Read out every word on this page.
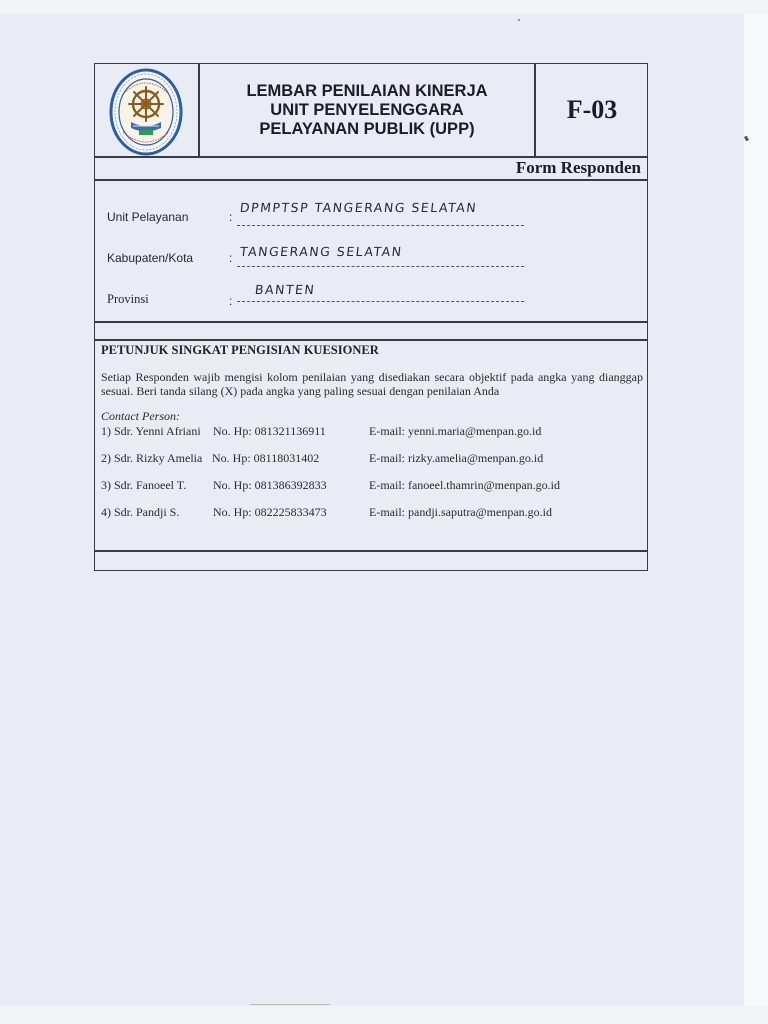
LEMBAR PENILAIAN KINERJA
UNIT PENYELENGGARA
PELAYANAN PUBLIK (UPP)
F-03
Form Responden
Unit Pelayanan	:
DPMPTSP TANGERANG SELATAN
Kabupaten/Kota	: TANGERANG SELATAN
Provinsi	:
BANTEN
PETUNJUK SINGKAT PENGISIAN KUESIONER
Setiap Responden wajib mengisi kolom penilaian yang disediakan secara objektif pada angka yang dianggap sesuai. Beri tanda silang (X) pada angka yang paling sesuai dengan penilaian Anda
Contact Person:
1) Sdr. Yenni Afriani No. Hp: 081321136911	E-mail: yenni.maria@menpan.go.id
2) Sdr. Rizky Amelia No. Hp: 08118031402	E-mail: rizky.amelia@menpan.go.id
3) Sdr. Fanoeel T. No. Hp: 081386392833	E-mail: fanoeel.thamrin@menpan.go.id
4) Sdr. Pandji S.	No. Hp: 082225833473	E-mail: pandji.saputra@menpan.go.id
